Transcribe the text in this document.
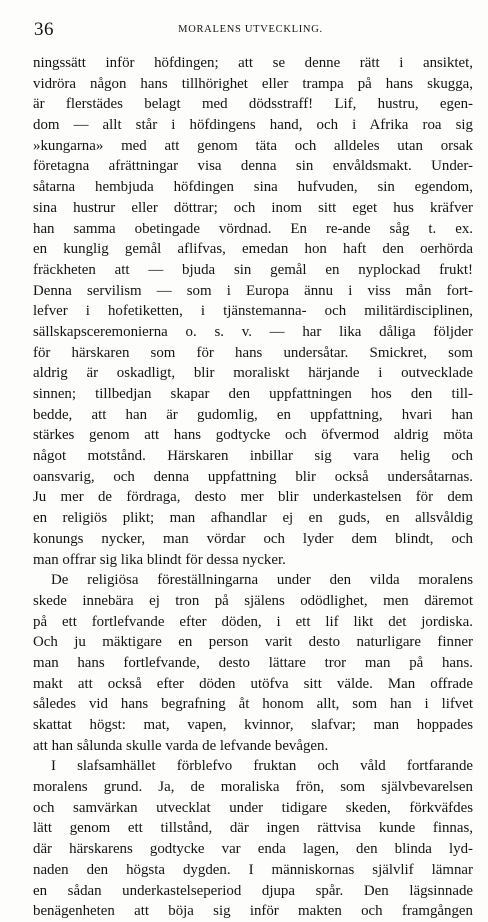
36	MORALENS UTVECKLING.
ningssätt inför höfdingen; att se denne rätt i ansiktet,
vidröra någon hans tillhörighet eller trampa på hans skugga,
är flerstädes belagt med dödsstraff! Lif, hustru, egen-
dom — allt står i höfdingens hand, och i Afrika roa sig
»kungarna» med att genom täta och alldeles utan orsak
företagna afrättningar visa denna sin envåldsmakt. Under-
såtarna hembjuda höfdingen sina hufvuden, sin egendom,
sina hustrur eller döttrar; och inom sitt eget hus kräfver
han samma obetingade vördnad. En re-ande såg t. ex.
en kunglig gemål aflifvas, emedan hon haft den oerhörda
fräckheten att — bjuda sin gemål en nyplockad frukt!
Denna servilism — som i Europa ännu i viss mån fort-
lefver i hofetiketten, i tjänstemanna- och militärdisciplinen,
sällskapsceremonierna o. s. v. — har lika dåliga följder
för härskaren som för hans undersåtar. Smickret, som
aldrig är oskadligt, blir moraliskt härjande i outvecklade
sinnen; tillbedjan skapar den uppfattningen hos den till-
bedde, att han är gudomlig, en uppfattning, hvari han
stärkes genom att hans godtycke och öfvermod aldrig möta
något motstånd. Härskaren inbillar sig vara helig och
oansvarig, och denna uppfattning blir också undersåtarnas.
Ju mer de fördraga, desto mer blir underkastelsen för dem
en religiös plikt; man afhandlar ej en guds, en allsvåldig
konungs nycker, man vördar och lyder dem blindt, och
man offrar sig lika blindt för dessa nycker.
De religiösa föreställningarna under den vilda moralens
skede innebära ej tron på själens odödlighet, men däremot
på ett fortlefvande efter döden, i ett lif likt det jordiska.
Och ju mäktigare en person varit desto naturligare finner
man hans fortlefvande, desto lättare tror man på hans.
makt att också efter döden utöfva sitt välde. Man offrade
således vid hans begrafning åt honom allt, som han i lifvet
skattat högst: mat, vapen, kvinnor, slafvar; man hoppades
att han sålunda skulle varda de lefvande bevågen.
I slafsamhället förblefvo fruktan och våld fortfarande
moralens grund. Ja, de moraliska frön, som självbevarelsen
och samvärkan utvecklat under tidigare skeden, förkväfdes
lätt genom ett tillstånd, där ingen rättvisa kunde finnas,
där härskarens godtycke var enda lagen, den blinda lyd-
naden den högsta dygden. I människornas självlif lämnar
en sådan underkastelseperiod djupa spår. Den lägsinnade
benägenheten att böja sig inför makten och framgången
